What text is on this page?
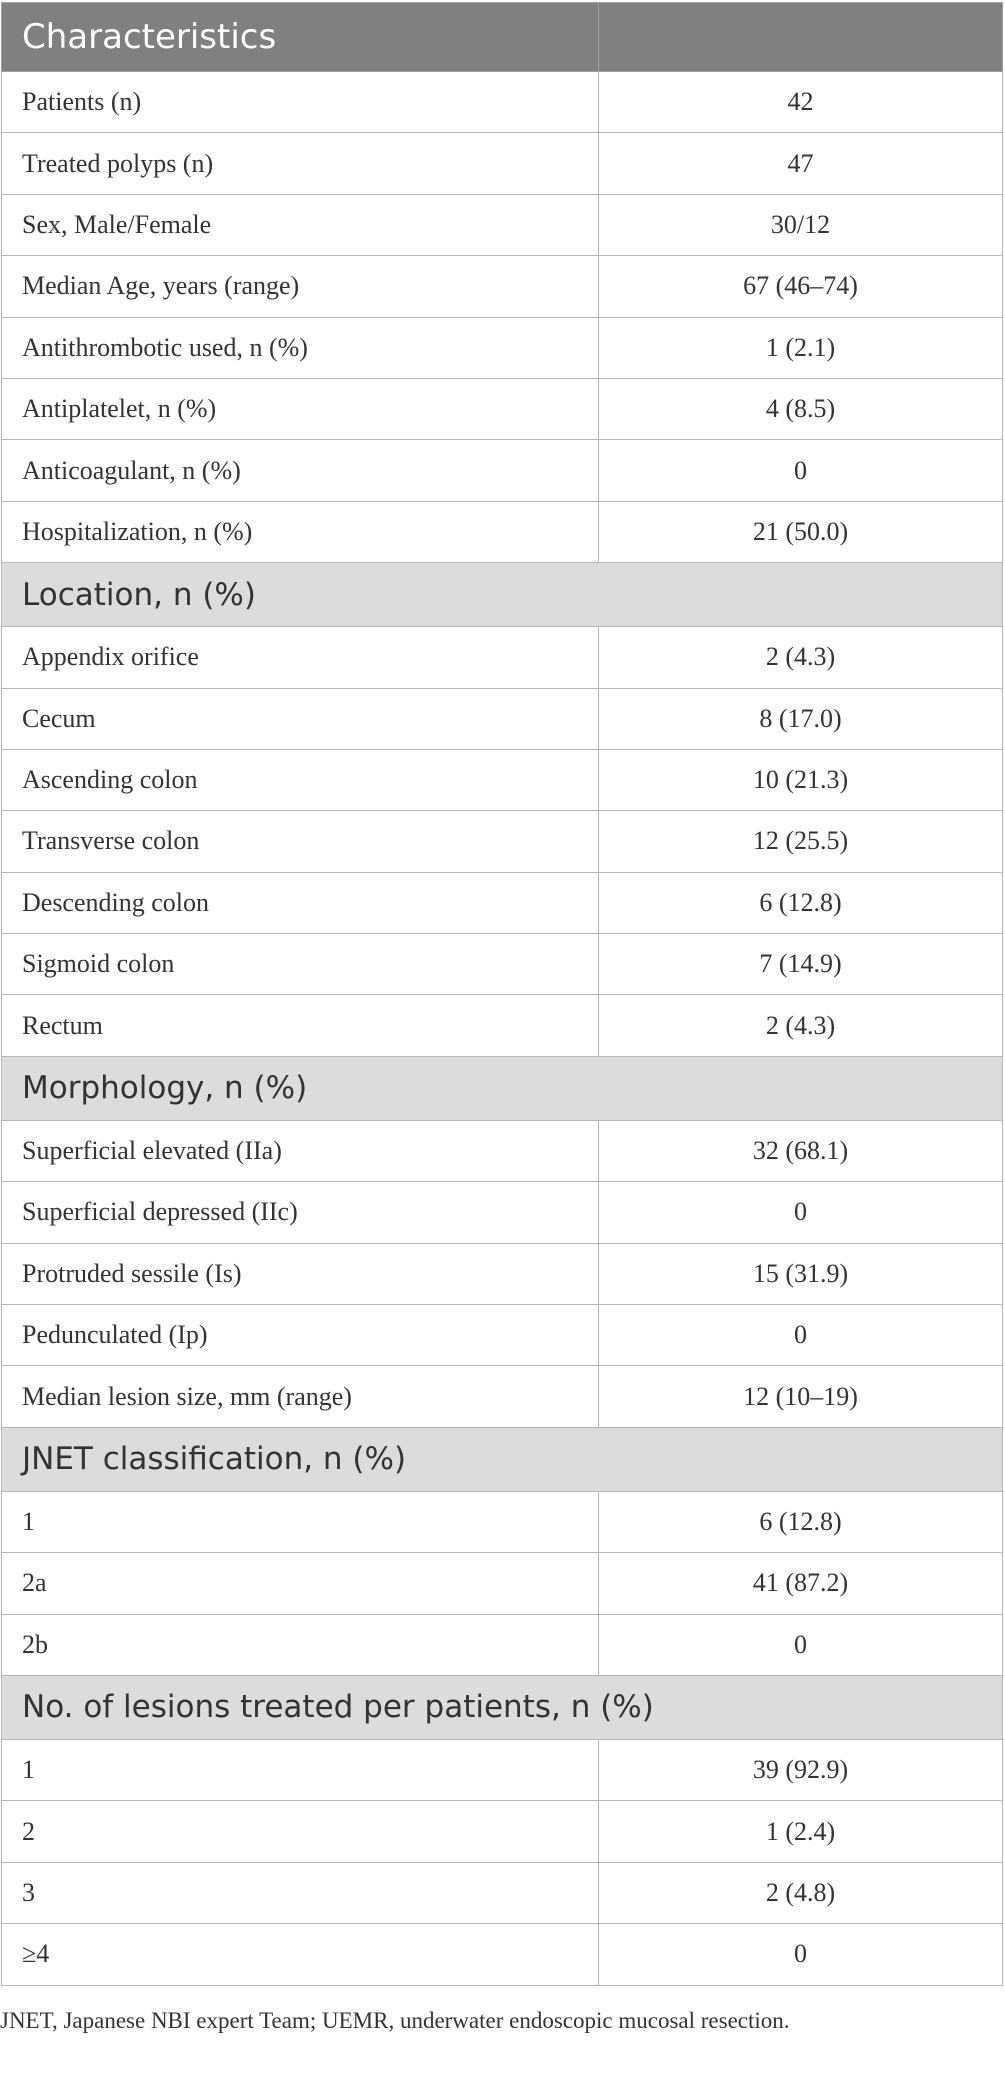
Characteristics	
Patients (n)	42
Treated polyps (n)	47
Sex, Male/Female	30/12
Median Age, years (range)	67 (46–74)
Antithrombotic used, n (%)	1 (2.1)
Antiplatelet, n (%)	4 (8.5)
Anticoagulant, n (%)	0
Hospitalization, n (%)	21 (50.0)
Location, n (%)	
Appendix orifice	2 (4.3)
Cecum	8 (17.0)
Ascending colon	10 (21.3)
Transverse colon	12 (25.5)
Descending colon	6 (12.8)
Sigmoid colon	7 (14.9)
Rectum	2 (4.3)
Morphology, n (%)	
Superficial elevated (IIa)	32 (68.1)
Superficial depressed (IIc)	0
Protruded sessile (Is)	15 (31.9)
Pedunculated (Ip)	0
Median lesion size, mm (range)	12 (10–19)
JNET classification, n (%)	
1	6 (12.8)
2a	41 (87.2)
2b	0
No. of lesions treated per patients, n (%)	
1	39 (92.9)
2	1 (2.4)
3	2 (4.8)
≥4	0
JNET, Japanese NBI expert Team; UEMR, underwater endoscopic mucosal resection.
